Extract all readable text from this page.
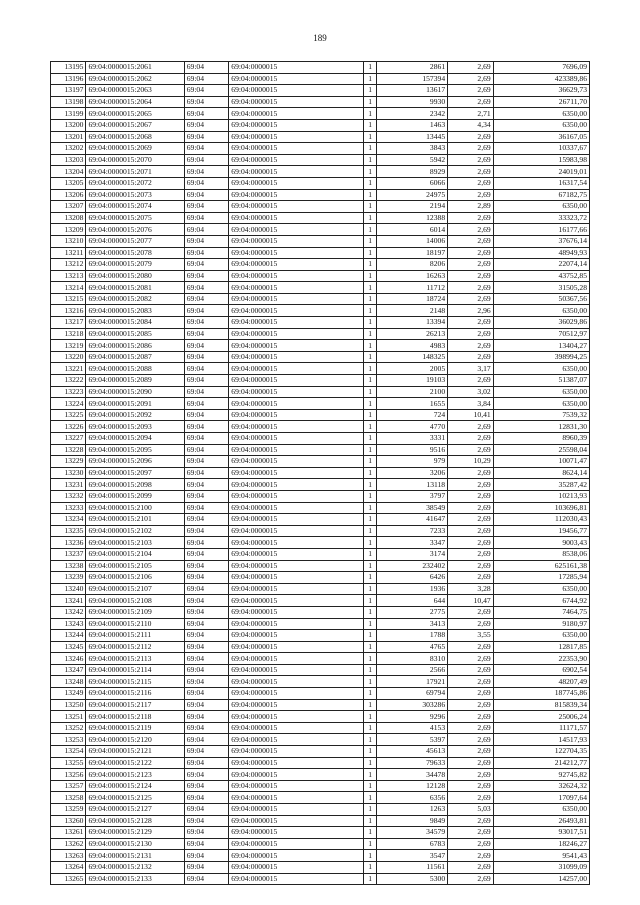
189
13195	69:04:0000015:2061	69:04	69:04:0000015	1	2861	2,69	7696,09
13196	69:04:0000015:2062	69:04	69:04:0000015	1	157394	2,69	423389,86
13197	69:04:0000015:2063	69:04	69:04:0000015	1	13617	2,69	36629,73
13198	69:04:0000015:2064	69:04	69:04:0000015	1	9930	2,69	26711,70
13199	69:04:0000015:2065	69:04	69:04:0000015	1	2342	2,71	6350,00
13200	69:04:0000015:2067	69:04	69:04:0000015	1	1463	4,34	6350,00
13201	69:04:0000015:2068	69:04	69:04:0000015	1	13445	2,69	36167,05
13202	69:04:0000015:2069	69:04	69:04:0000015	1	3843	2,69	10337,67
13203	69:04:0000015:2070	69:04	69:04:0000015	1	5942	2,69	15983,98
13204	69:04:0000015:2071	69:04	69:04:0000015	1	8929	2,69	24019,01
13205	69:04:0000015:2072	69:04	69:04:0000015	1	6066	2,69	16317,54
13206	69:04:0000015:2073	69:04	69:04:0000015	1	24975	2,69	67182,75
13207	69:04:0000015:2074	69:04	69:04:0000015	1	2194	2,89	6350,00
13208	69:04:0000015:2075	69:04	69:04:0000015	1	12388	2,69	33323,72
13209	69:04:0000015:2076	69:04	69:04:0000015	1	6014	2,69	16177,66
13210	69:04:0000015:2077	69:04	69:04:0000015	1	14006	2,69	37676,14
13211	69:04:0000015:2078	69:04	69:04:0000015	1	18197	2,69	48949,93
13212	69:04:0000015:2079	69:04	69:04:0000015	1	8206	2,69	22074,14
13213	69:04:0000015:2080	69:04	69:04:0000015	1	16263	2,69	43752,85
13214	69:04:0000015:2081	69:04	69:04:0000015	1	11712	2,69	31505,28
13215	69:04:0000015:2082	69:04	69:04:0000015	1	18724	2,69	50367,56
13216	69:04:0000015:2083	69:04	69:04:0000015	1	2148	2,96	6350,00
13217	69:04:0000015:2084	69:04	69:04:0000015	1	13394	2,69	36029,86
13218	69:04:0000015:2085	69:04	69:04:0000015	1	26213	2,69	70512,97
13219	69:04:0000015:2086	69:04	69:04:0000015	1	4983	2,69	13404,27
13220	69:04:0000015:2087	69:04	69:04:0000015	1	148325	2,69	398994,25
13221	69:04:0000015:2088	69:04	69:04:0000015	1	2005	3,17	6350,00
13222	69:04:0000015:2089	69:04	69:04:0000015	1	19103	2,69	51387,07
13223	69:04:0000015:2090	69:04	69:04:0000015	1	2100	3,02	6350,00
13224	69:04:0000015:2091	69:04	69:04:0000015	1	1655	3,84	6350,00
13225	69:04:0000015:2092	69:04	69:04:0000015	1	724	10,41	7539,32
13226	69:04:0000015:2093	69:04	69:04:0000015	1	4770	2,69	12831,30
13227	69:04:0000015:2094	69:04	69:04:0000015	1	3331	2,69	8960,39
13228	69:04:0000015:2095	69:04	69:04:0000015	1	9516	2,69	25598,04
13229	69:04:0000015:2096	69:04	69:04:0000015	1	979	10,29	10071,47
13230	69:04:0000015:2097	69:04	69:04:0000015	1	3206	2,69	8624,14
13231	69:04:0000015:2098	69:04	69:04:0000015	1	13118	2,69	35287,42
13232	69:04:0000015:2099	69:04	69:04:0000015	1	3797	2,69	10213,93
13233	69:04:0000015:2100	69:04	69:04:0000015	1	38549	2,69	103696,81
13234	69:04:0000015:2101	69:04	69:04:0000015	1	41647	2,69	112030,43
13235	69:04:0000015:2102	69:04	69:04:0000015	1	7233	2,69	19456,77
13236	69:04:0000015:2103	69:04	69:04:0000015	1	3347	2,69	9003,43
13237	69:04:0000015:2104	69:04	69:04:0000015	1	3174	2,69	8538,06
13238	69:04:0000015:2105	69:04	69:04:0000015	1	232402	2,69	625161,38
13239	69:04:0000015:2106	69:04	69:04:0000015	1	6426	2,69	17285,94
13240	69:04:0000015:2107	69:04	69:04:0000015	1	1936	3,28	6350,00
13241	69:04:0000015:2108	69:04	69:04:0000015	1	644	10,47	6744,92
13242	69:04:0000015:2109	69:04	69:04:0000015	1	2775	2,69	7464,75
13243	69:04:0000015:2110	69:04	69:04:0000015	1	3413	2,69	9180,97
13244	69:04:0000015:2111	69:04	69:04:0000015	1	1788	3,55	6350,00
13245	69:04:0000015:2112	69:04	69:04:0000015	1	4765	2,69	12817,85
13246	69:04:0000015:2113	69:04	69:04:0000015	1	8310	2,69	22353,90
13247	69:04:0000015:2114	69:04	69:04:0000015	1	2566	2,69	6902,54
13248	69:04:0000015:2115	69:04	69:04:0000015	1	17921	2,69	48207,49
13249	69:04:0000015:2116	69:04	69:04:0000015	1	69794	2,69	187745,86
13250	69:04:0000015:2117	69:04	69:04:0000015	1	303286	2,69	815839,34
13251	69:04:0000015:2118	69:04	69:04:0000015	1	9296	2,69	25006,24
13252	69:04:0000015:2119	69:04	69:04:0000015	1	4153	2,69	11171,57
13253	69:04:0000015:2120	69:04	69:04:0000015	1	5397	2,69	14517,93
13254	69:04:0000015:2121	69:04	69:04:0000015	1	45613	2,69	122704,35
13255	69:04:0000015:2122	69:04	69:04:0000015	1	79633	2,69	214212,77
13256	69:04:0000015:2123	69:04	69:04:0000015	1	34478	2,69	92745,82
13257	69:04:0000015:2124	69:04	69:04:0000015	1	12128	2,69	32624,32
13258	69:04:0000015:2125	69:04	69:04:0000015	1	6356	2,69	17097,64
13259	69:04:0000015:2127	69:04	69:04:0000015	1	1263	5,03	6350,00
13260	69:04:0000015:2128	69:04	69:04:0000015	1	9849	2,69	26493,81
13261	69:04:0000015:2129	69:04	69:04:0000015	1	34579	2,69	93017,51
13262	69:04:0000015:2130	69:04	69:04:0000015	1	6783	2,69	18246,27
13263	69:04:0000015:2131	69:04	69:04:0000015	1	3547	2,69	9541,43
13264	69:04:0000015:2132	69:04	69:04:0000015	1	11561	2,69	31099,09
13265	69:04:0000015:2133	69:04	69:04:0000015	1	5300	2,69	14257,00
